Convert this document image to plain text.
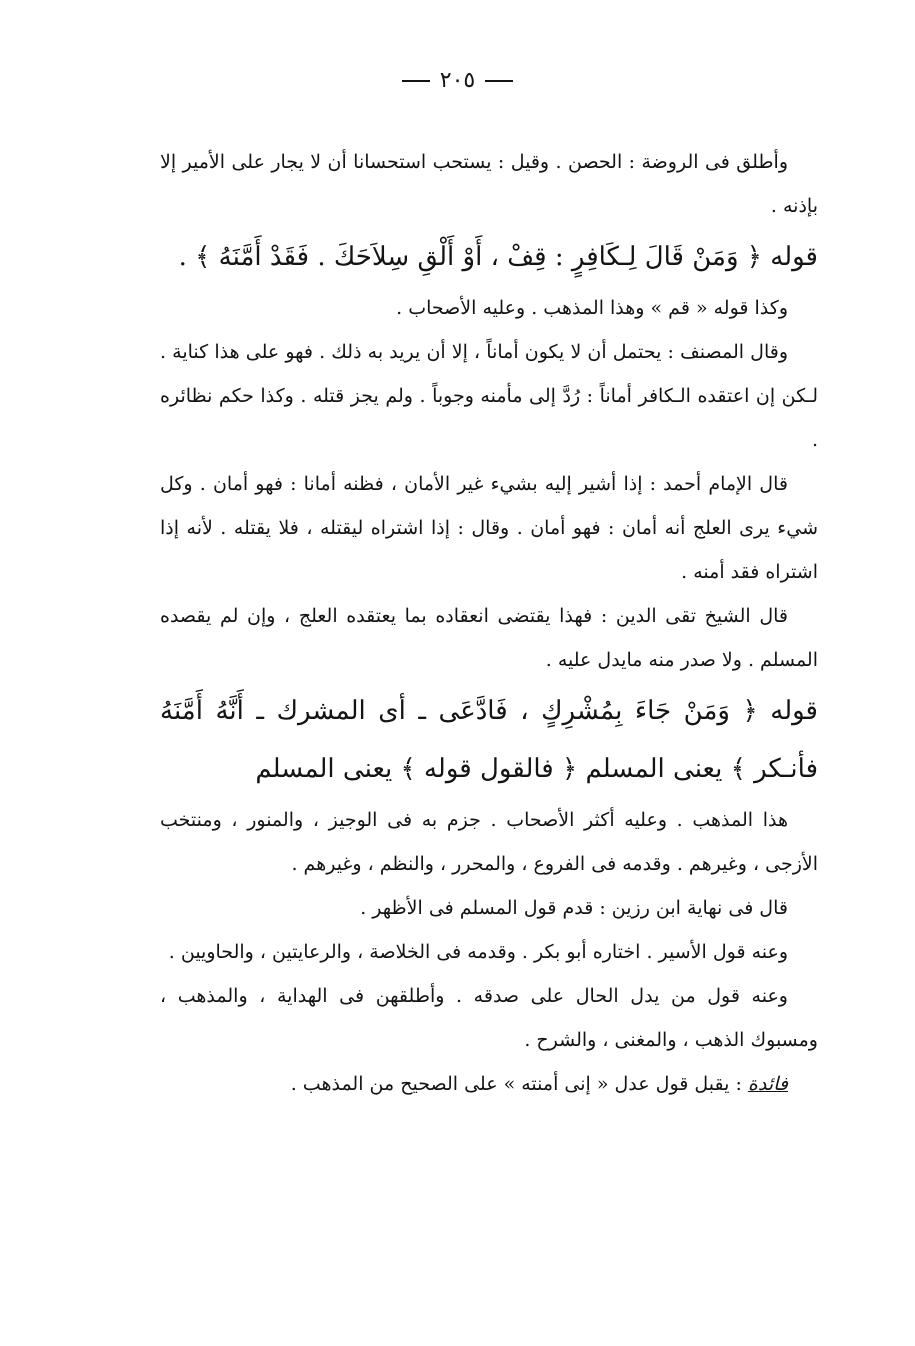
٢٠٥

وأطلق فى الروضة : الحصن . وقيل : يستحب استحسانا أن لا يجار على الأمير إلا بإذنه .

قوله ﴿ وَمَنْ قَالَ لِـكَافِرٍ : قِفْ ، أَوْ أَلْقِ سِلاَحَكَ . فَقَدْ أَمَّنَهُ ﴾ .

وكذا قوله « قم » وهذا المذهب . وعليه الأصحاب .

وقال المصنف : يحتمل أن لا يكون أماناً ، إلا أن يريد به ذلك . فهو على هذا كناية . لـكن إن اعتقده الـكافر أماناً : رُدَّ إلى مأمنه وجوباً . ولم يجز قتله . وكذا حكم نظائره .

قال الإمام أحمد : إذا أشير إليه بشيء غير الأمان ، فظنه أمانا : فهو أمان . وكل شيء يرى العلج أنه أمان : فهو أمان . وقال : إذا اشتراه ليقتله ، فلا يقتله . لأنه إذا اشتراه فقد أمنه .

قال الشيخ تقى الدين : فهذا يقتضى انعقاده بما يعتقده العلج ، وإن لم يقصده المسلم . ولا صدر منه مايدل عليه .

قوله ﴿ وَمَنْ جَاءَ بِمُشْرِكٍ ، فَادَّعَى ـ أى المشرك ـ أَنَّهُ أَمَّنَهُ فأنـكر ﴾ يعنى المسلم ﴿ فالقول قوله ﴾ يعنى المسلم

هذا المذهب . وعليه أكثر الأصحاب . جزم به فى الوجيز ، والمنور ، ومنتخب الأزجى ، وغيرهم . وقدمه فى الفروع ، والمحرر ، والنظم ، وغيرهم .

قال فى نهاية ابن رزين : قدم قول المسلم فى الأظهر .

وعنه قول الأسير . اختاره أبو بكر . وقدمه فى الخلاصة ، والرعايتين ، والحاويين .

وعنه قول من يدل الحال على صدقه . وأطلقهن فى الهداية ، والمذهب ، ومسبوك الذهب ، والمغنى ، والشرح .

فائدة : يقبل قول عدل « إنى أمنته » على الصحيح من المذهب .
